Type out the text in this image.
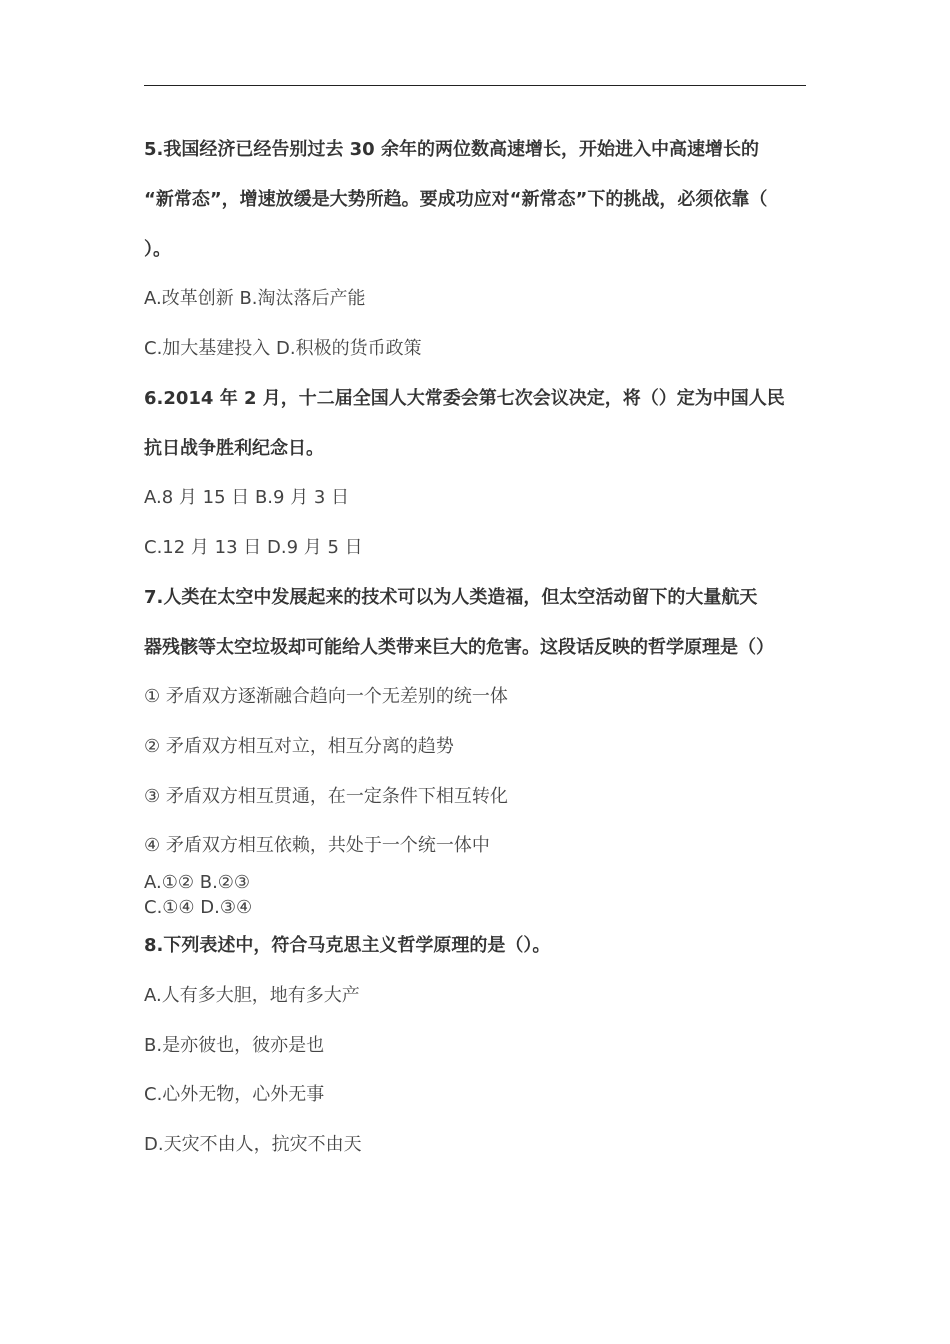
5.我国经济已经告别过去 30 余年的两位数高速增长，开始进入中高速增长的
“新常态”，增速放缓是大势所趋。要成功应对“新常态”下的挑战，必须依靠（
）。
A.改革创新 B.淘汰落后产能
C.加大基建投入 D.积极的货币政策
6.2014 年 2 月，十二届全国人大常委会第七次会议决定，将（）定为中国人民
抗日战争胜利纪念日。
A.8 月 15 日 B.9 月 3 日
C.12 月 13 日 D.9 月 5 日
7.人类在太空中发展起来的技术可以为人类造福，但太空活动留下的大量航天
器残骸等太空垃圾却可能给人类带来巨大的危害。这段话反映的哲学原理是（）
① 矛盾双方逐渐融合趋向一个无差别的统一体
② 矛盾双方相互对立，相互分离的趋势
③ 矛盾双方相互贯通，在一定条件下相互转化
④ 矛盾双方相互依赖，共处于一个统一体中
A.①② B.②③
C.①④ D.③④
8.下列表述中，符合马克思主义哲学原理的是（）。
A.人有多大胆，地有多大产
B.是亦彼也，彼亦是也
C.心外无物，心外无事
D.天灾不由人，抗灾不由天
